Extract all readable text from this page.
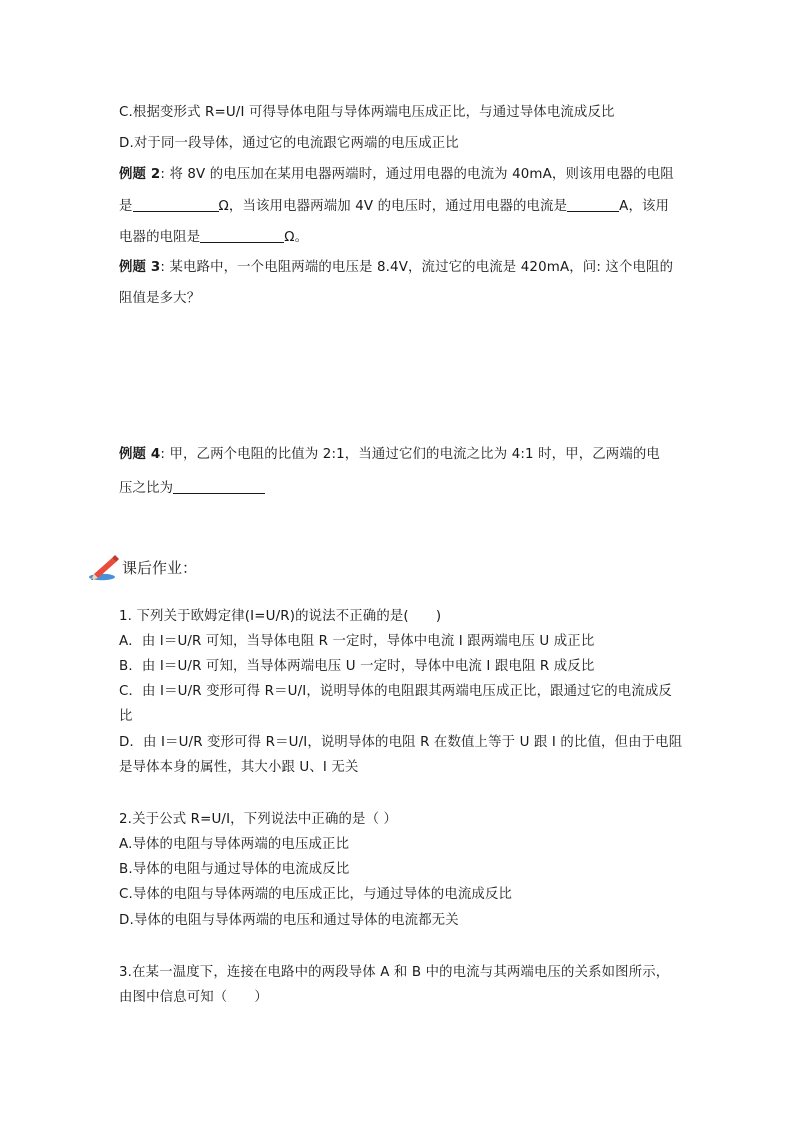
C.根据变形式 R=U/I 可得导体电阻与导体两端电压成正比，与通过导体电流成反比
D.对于同一段导体，通过它的电流跟它两端的电压成正比
例题 2: 将 8V 的电压加在某用电器两端时，通过用电器的电流为 40mA，则该用电器的电阻
是	Ω，当该用电器两端加 4V 的电压时，通过用电器的电流是	A，该用
电器的电阻是	Ω。
例题 3: 某电路中，一个电阻两端的电压是 8.4V，流过它的电流是 420mA，问: 这个电阻的
阻值是多大？
例题 4: 甲，乙两个电阻的比值为 2:1，当通过它们的电流之比为 4:1 时，甲，乙两端的电
压之比为
课后作业：
1. 下列关于欧姆定律(I=U/R)的说法不正确的是(　　)
A．由 I＝U/R 可知，当导体电阻 R 一定时，导体中电流 I 跟两端电压 U 成正比
B．由 I＝U/R 可知，当导体两端电压 U 一定时，导体中电流 I 跟电阻 R 成反比
C．由 I＝U/R 变形可得 R＝U/I，说明导体的电阻跟其两端电压成正比，跟通过它的电流成反
比
D．由 I＝U/R 变形可得 R＝U/I，说明导体的电阻 R 在数值上等于 U 跟 I 的比值，但由于电阻
是导体本身的属性，其大小跟 U、I 无关
2.关于公式 R=U/I，下列说法中正确的是（ ）
A.导体的电阻与导体两端的电压成正比
B.导体的电阻与通过导体的电流成反比
C.导体的电阻与导体两端的电压成正比，与通过导体的电流成反比
D.导体的电阻与导体两端的电压和通过导体的电流都无关
3.在某一温度下，连接在电路中的两段导体 A 和 B 中的电流与其两端电压的关系如图所示，
由图中信息可知（　　）
